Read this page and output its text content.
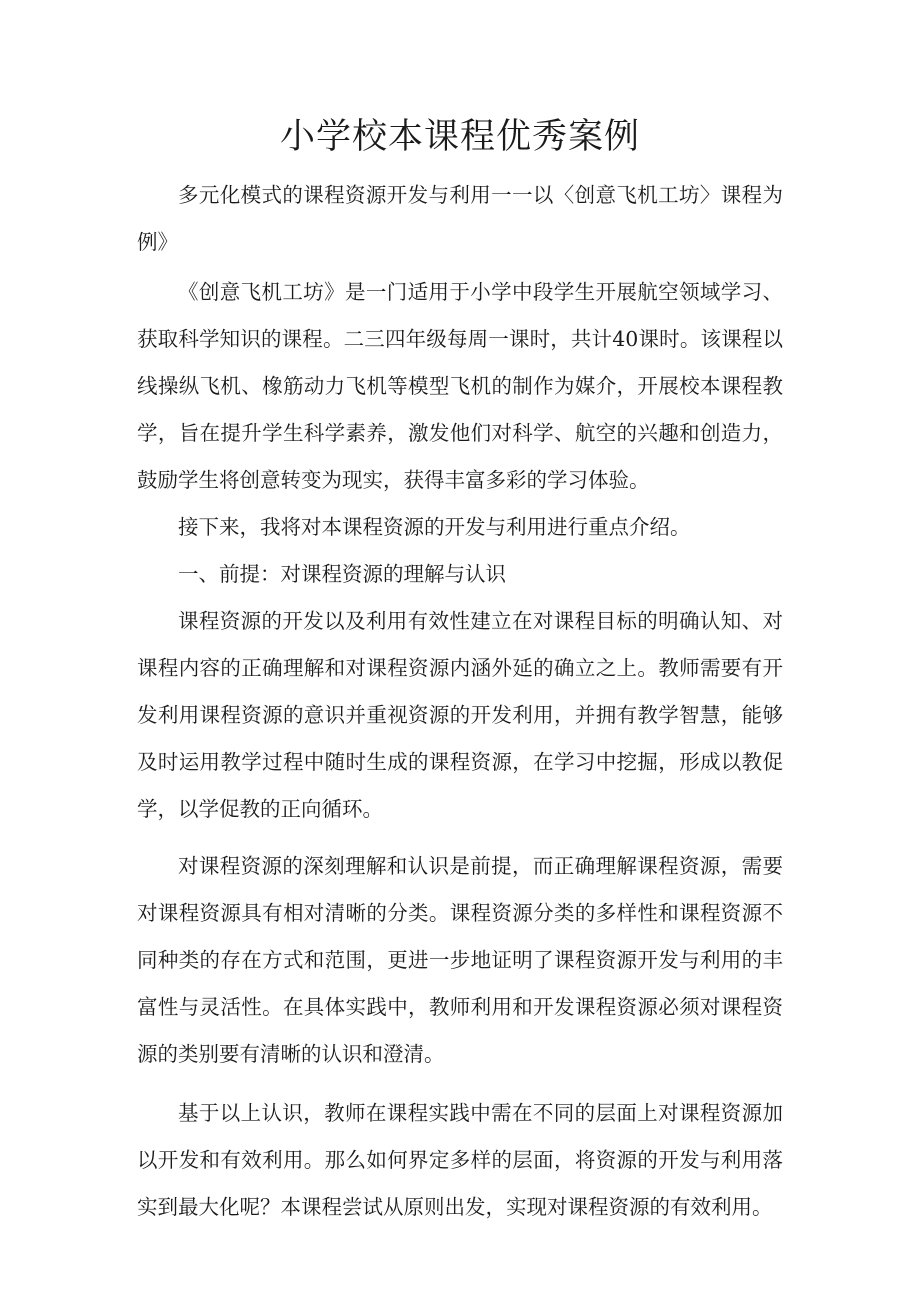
小学校本课程优秀案例

多元化模式的课程资源开发与利用一一以〈创意飞机工坊〉课程为例》

《创意飞机工坊》是一门适用于小学中段学生开展航空领域学习、获取科学知识的课程。二三四年级每周一课时，共计40课时。该课程以线操纵飞机、橡筋动力飞机等模型飞机的制作为媒介，开展校本课程教学，旨在提升学生科学素养，激发他们对科学、航空的兴趣和创造力，鼓励学生将创意转变为现实，获得丰富多彩的学习体验。

接下来，我将对本课程资源的开发与利用进行重点介绍。

一、前提：对课程资源的理解与认识

课程资源的开发以及利用有效性建立在对课程目标的明确认知、对课程内容的正确理解和对课程资源内涵外延的确立之上。教师需要有开发利用课程资源的意识并重视资源的开发利用，并拥有教学智慧，能够及时运用教学过程中随时生成的课程资源，在学习中挖掘，形成以教促学，以学促教的正向循环。

对课程资源的深刻理解和认识是前提，而正确理解课程资源，需要对课程资源具有相对清晰的分类。课程资源分类的多样性和课程资源不同种类的存在方式和范围，更进一步地证明了课程资源开发与利用的丰富性与灵活性。在具体实践中，教师利用和开发课程资源必须对课程资源的类别要有清晰的认识和澄清。

基于以上认识，教师在课程实践中需在不同的层面上对课程资源加以开发和有效利用。那么如何界定多样的层面，将资源的开发与利用落实到最大化呢？本课程尝试从原则出发，实现对课程资源的有效利用。
